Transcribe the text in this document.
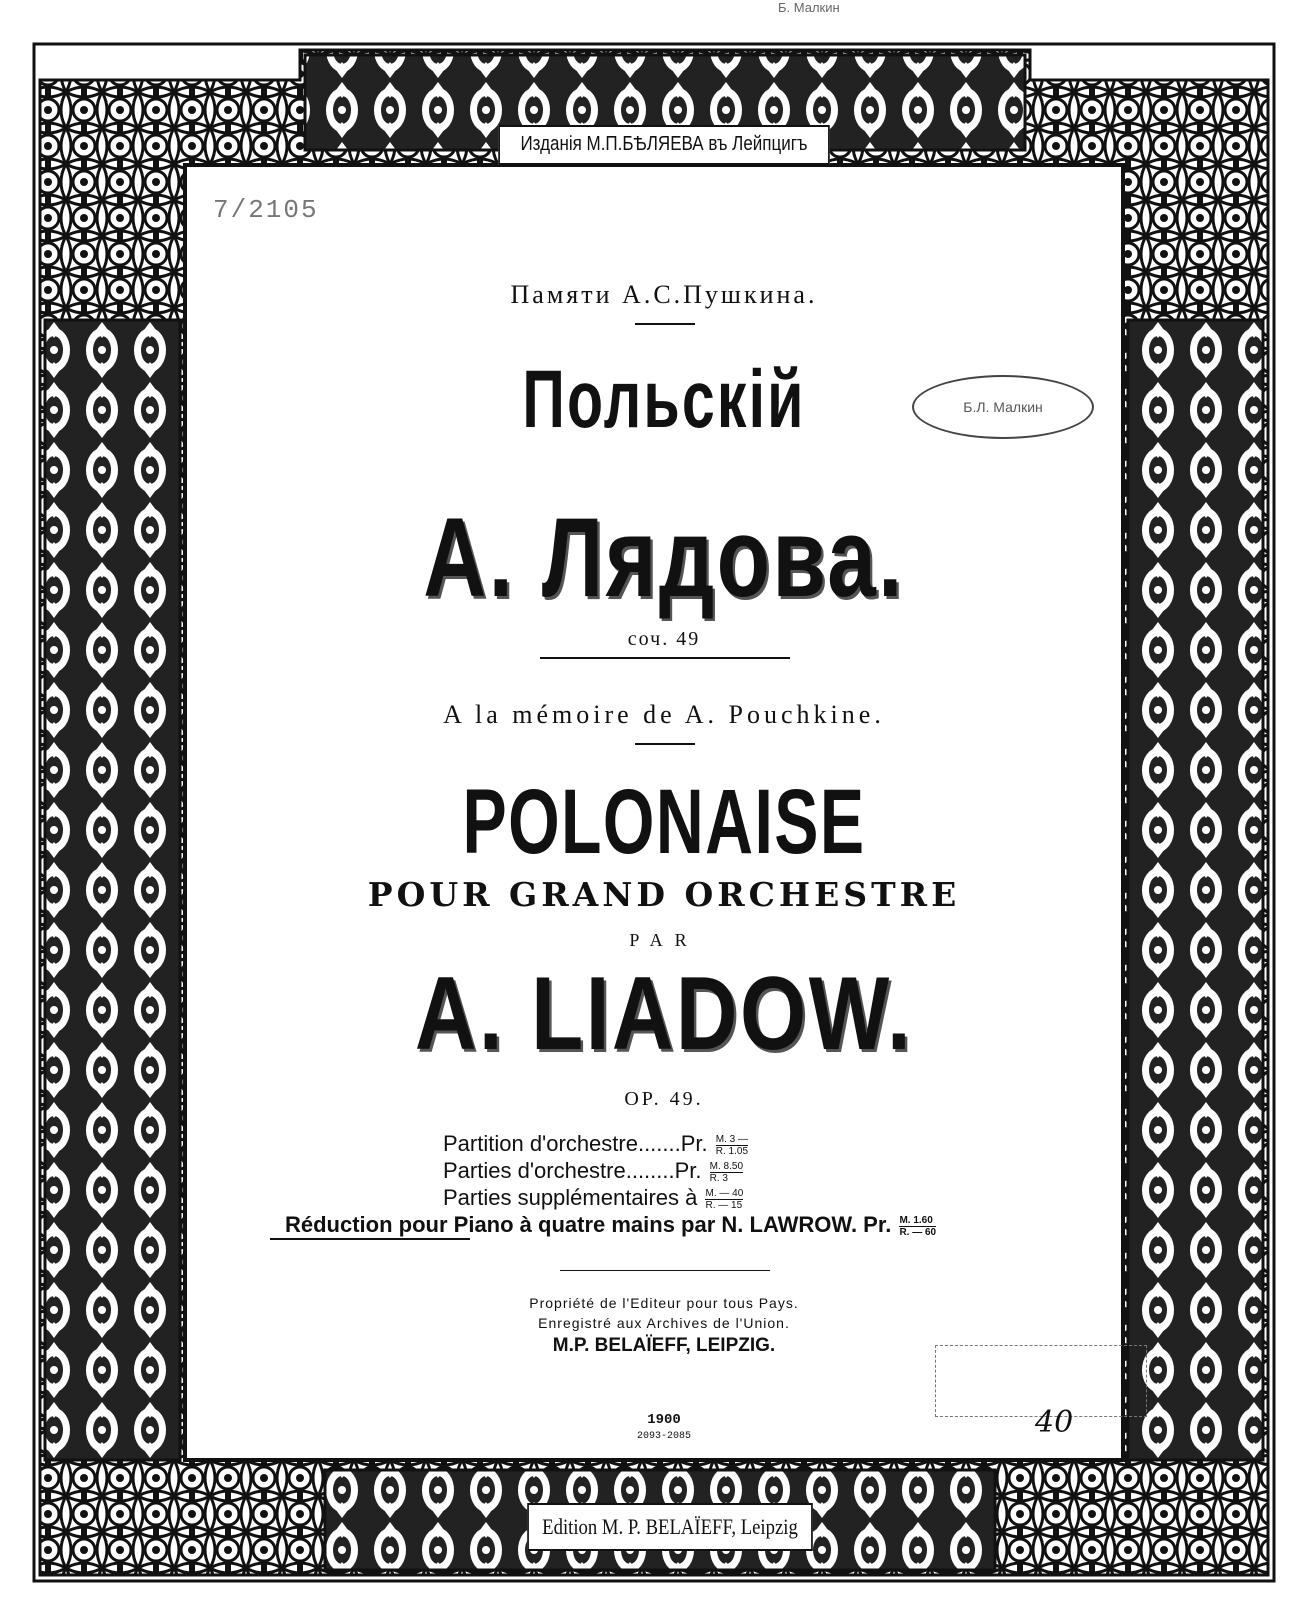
Изданія М.П.БѢЛЯЕВА въ Лейпцигъ
Edition M. P. BELAÏEFF, Leipzig
Б. Малкин
7/2105
Памяти А.С.Пушкина.
Польскій
А. Лядова.
соч. 49
A la mémoire de A. Pouchkine.
POLONAISE
POUR GRAND ORCHESTRE
PAR
A. LIADOW.
OP. 49.
Partition d'orchestre.......Pr. $\frac{M. 3 —}{R. 1.05}$
Parties d'orchestre........Pr. $\frac{M. 8.50}{R. 3}$
Parties supplémentaires à $\frac{M. — 40}{R. — 15}$
Réduction pour Piano à quatre mains par N. LAWROW. Pr. $\frac{M. 1.60}{R. — 60}$
Propriété de l'Editeur pour tous Pays.
Enregistré aux Archives de l'Union.
M.P. BELAÏEFF, LEIPZIG.
1900
2093-2085
Б.Л. Малкин
40
